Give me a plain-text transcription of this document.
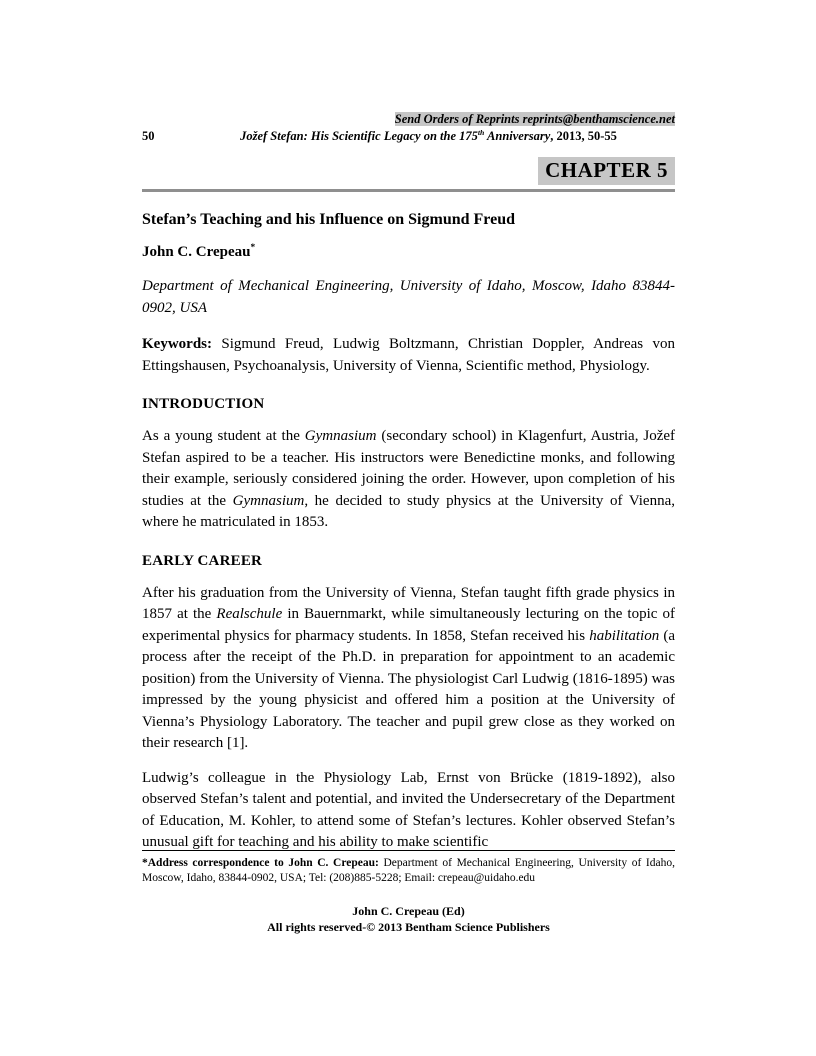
Send Orders of Reprints reprints@benthamscience.net
50	Jožef Stefan: His Scientific Legacy on the 175th Anniversary, 2013, 50-55
CHAPTER 5
Stefan’s Teaching and his Influence on Sigmund Freud

John C. Crepeau*

Department of Mechanical Engineering, University of Idaho, Moscow, Idaho 83844-0902, USA

Keywords: Sigmund Freud, Ludwig Boltzmann, Christian Doppler, Andreas von Ettingshausen, Psychoanalysis, University of Vienna, Scientific method, Physiology.

INTRODUCTION

As a young student at the Gymnasium (secondary school) in Klagenfurt, Austria, Jožef Stefan aspired to be a teacher. His instructors were Benedictine monks, and following their example, seriously considered joining the order. However, upon completion of his studies at the Gymnasium, he decided to study physics at the University of Vienna, where he matriculated in 1853.

EARLY CAREER

After his graduation from the University of Vienna, Stefan taught fifth grade physics in 1857 at the Realschule in Bauernmarkt, while simultaneously lecturing on the topic of experimental physics for pharmacy students. In 1858, Stefan received his habilitation (a process after the receipt of the Ph.D. in preparation for appointment to an academic position) from the University of Vienna. The physiologist Carl Ludwig (1816-1895) was impressed by the young physicist and offered him a position at the University of Vienna’s Physiology Laboratory. The teacher and pupil grew close as they worked on their research [1].

Ludwig’s colleague in the Physiology Lab, Ernst von Brücke (1819-1892), also observed Stefan’s talent and potential, and invited the Undersecretary of the Department of Education, M. Kohler, to attend some of Stefan’s lectures. Kohler observed Stefan’s unusual gift for teaching and his ability to make scientific

*Address correspondence to John C. Crepeau: Department of Mechanical Engineering, University of Idaho, Moscow, Idaho, 83844-0902, USA; Tel: (208)885-5228; Email: crepeau@uidaho.edu

John C. Crepeau (Ed)
All rights reserved-© 2013 Bentham Science Publishers
